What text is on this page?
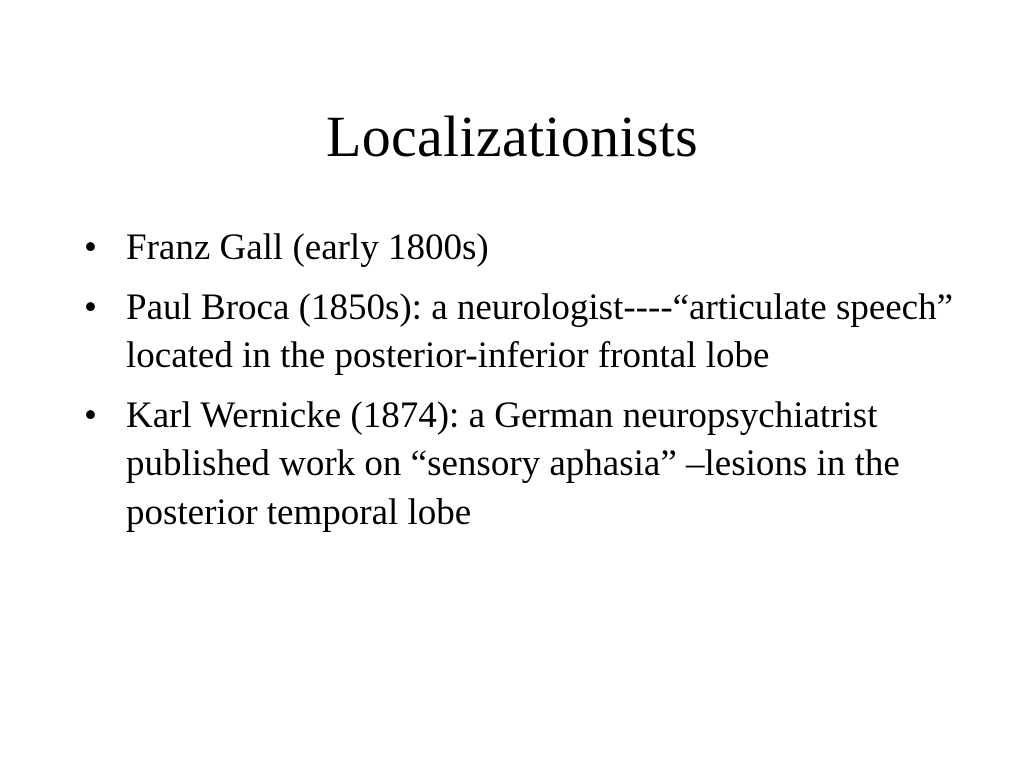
Localizationists
• Franz Gall (early 1800s)
• Paul Broca (1850s): a neurologist----“articulate speech” located in the posterior-inferior frontal lobe
• Karl Wernicke (1874): a German neuropsychiatrist published work on “sensory aphasia” –lesions in the posterior temporal lobe
